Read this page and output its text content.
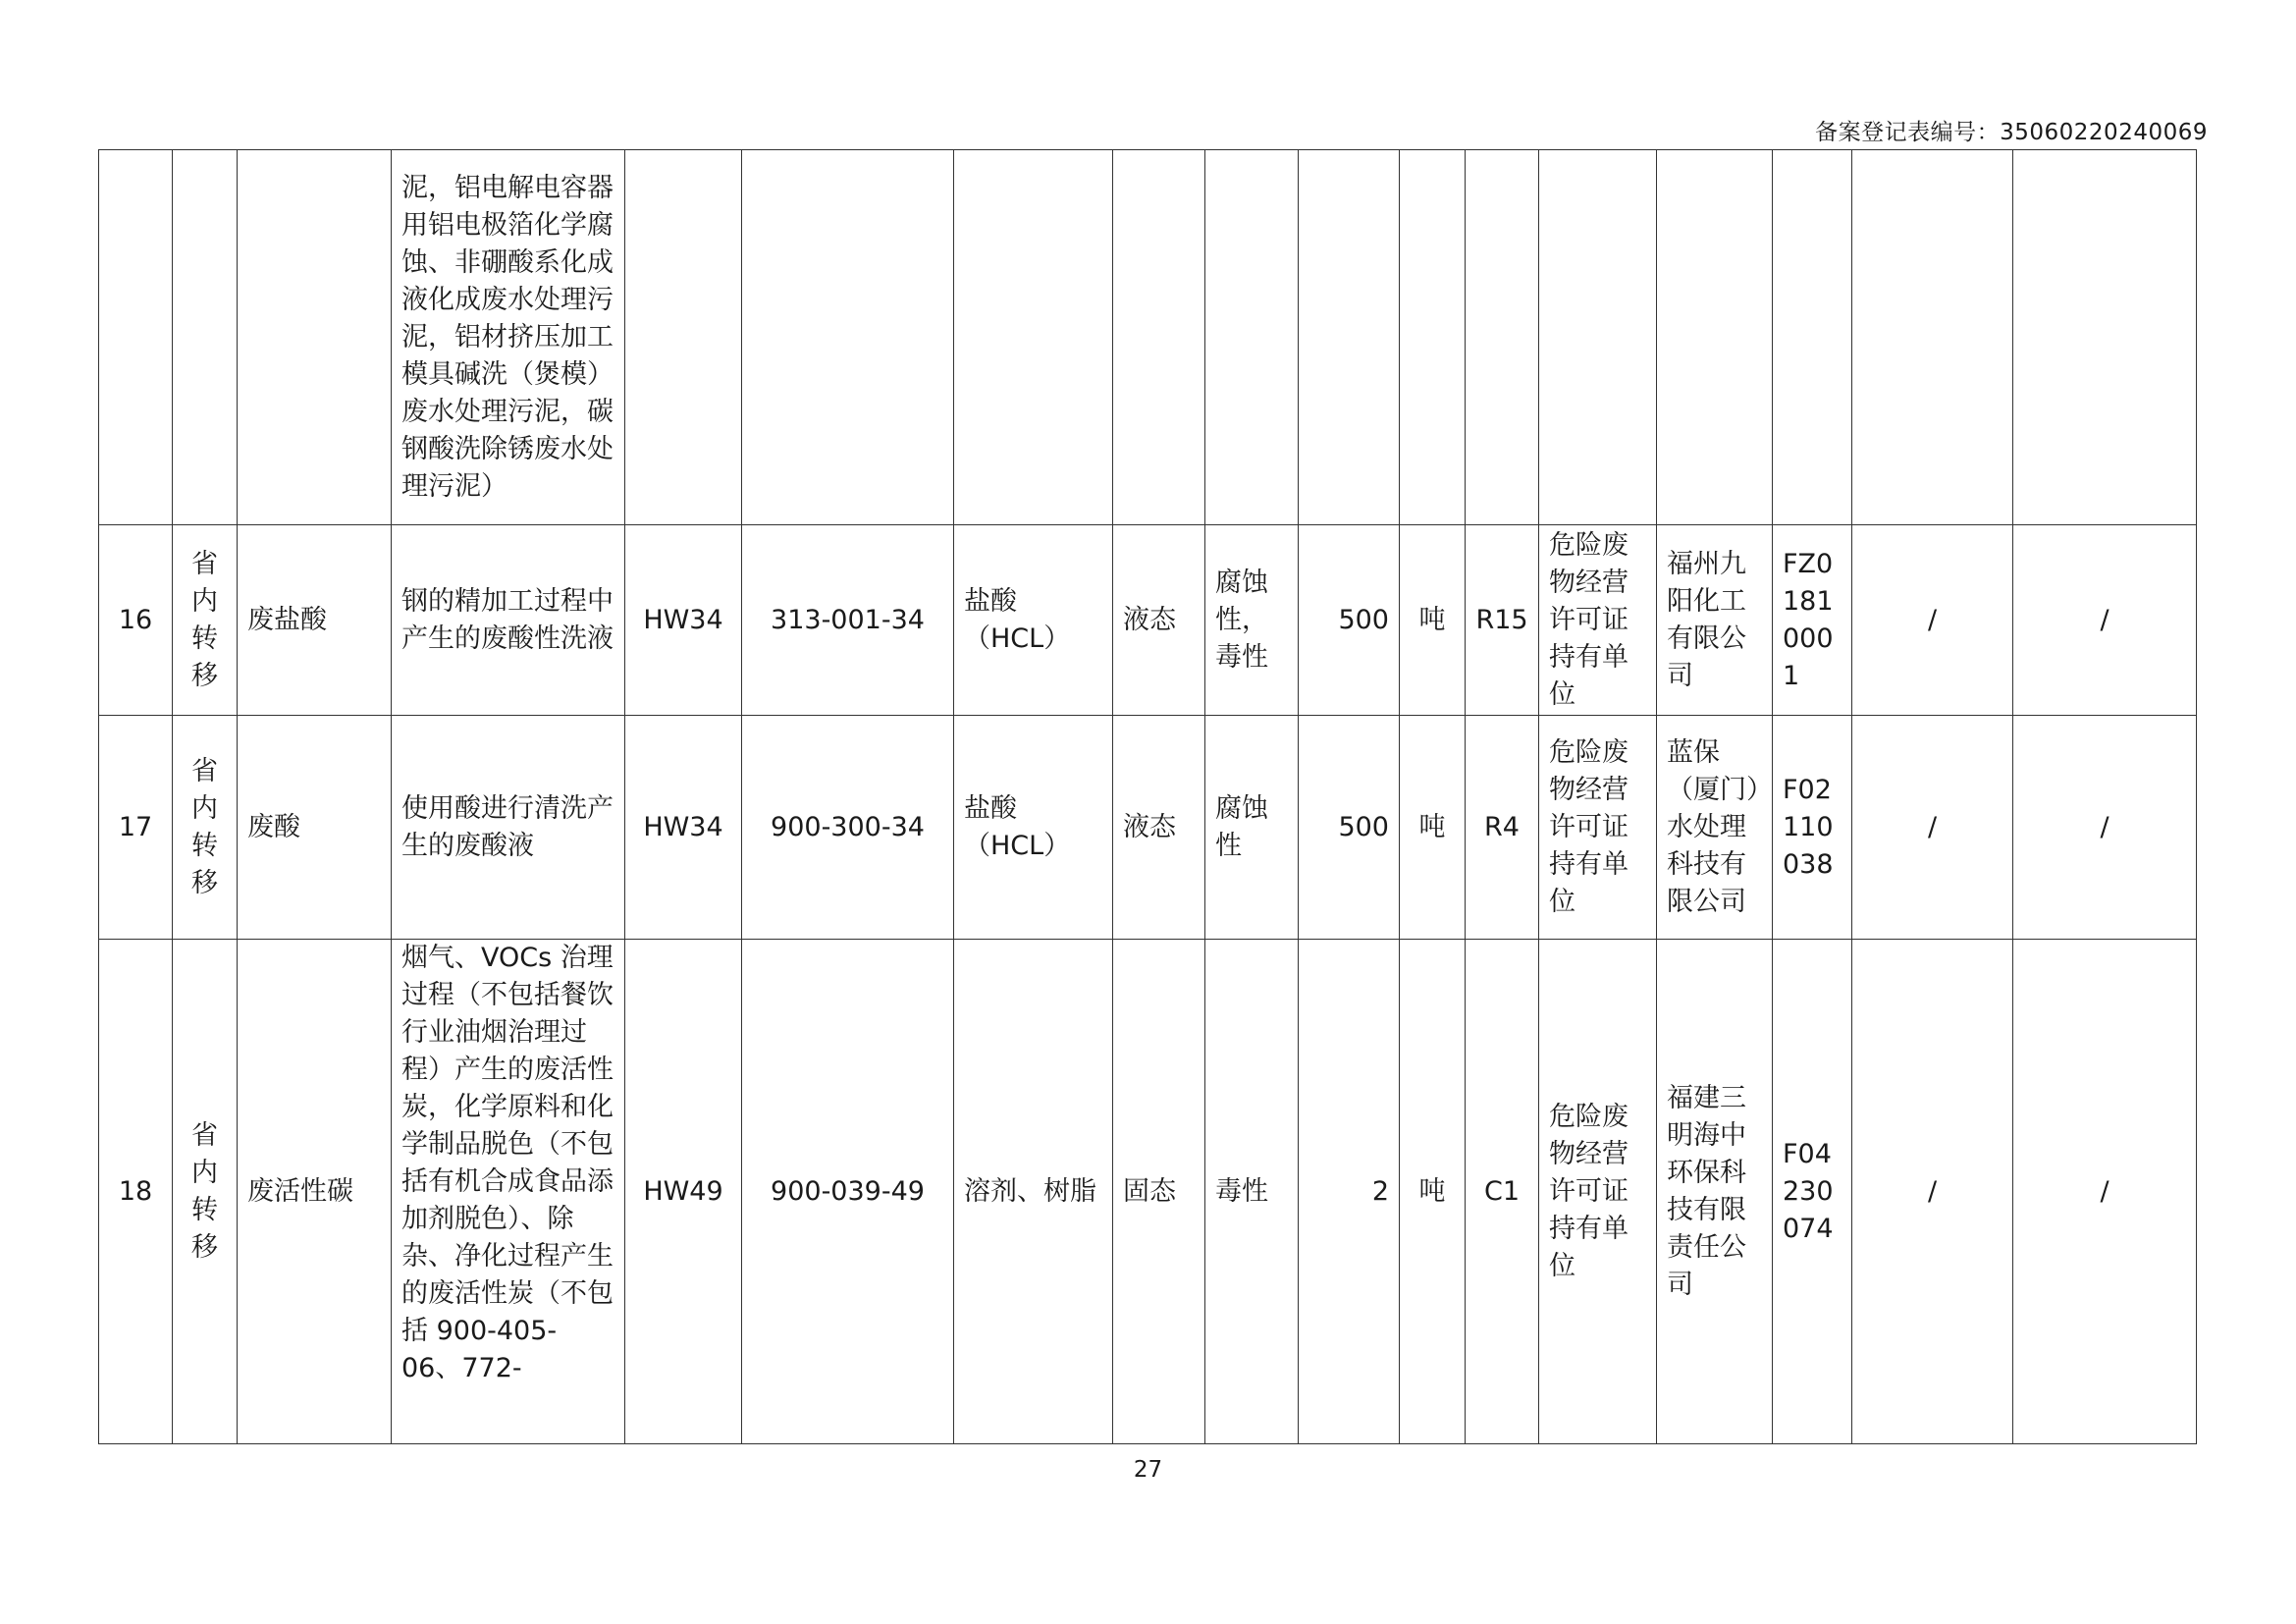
备案登记表编号：35060220240069
			泥，铝电解电容器用铝电极箔化学腐蚀、非硼酸系化成液化成废水处理污泥，铝材挤压加工模具碱洗（煲模）废水处理污泥，碳钢酸洗除锈废水处理污泥）													
16	省内转移	废盐酸	钢的精加工过程中产生的废酸性洗液	HW34	313-001-34	盐酸（HCL）	液态	腐蚀性，毒性	500	吨	R15	危险废物经营许可证持有单位	福州九阳化工有限公司	FZ01810001	/	/
17	省内转移	废酸	使用酸进行清洗产生的废酸液	HW34	900-300-34	盐酸（HCL）	液态	腐蚀性	500	吨	R4	危险废物经营许可证持有单位	蓝保（厦门）水处理科技有限公司	F02110038	/	/
18	省内转移	废活性碳	烟气、VOCs 治理过程（不包括餐饮行业油烟治理过程）产生的废活性炭，化学原料和化学制品脱色（不包括有机合成食品添加剂脱色）、除杂、净化过程产生的废活性炭（不包括 900-405-06、772-	HW49	900-039-49	溶剂、树脂	固态	毒性	2	吨	C1	危险废物经营许可证持有单位	福建三明海中环保科技有限责任公司	F04230074	/	/
27
